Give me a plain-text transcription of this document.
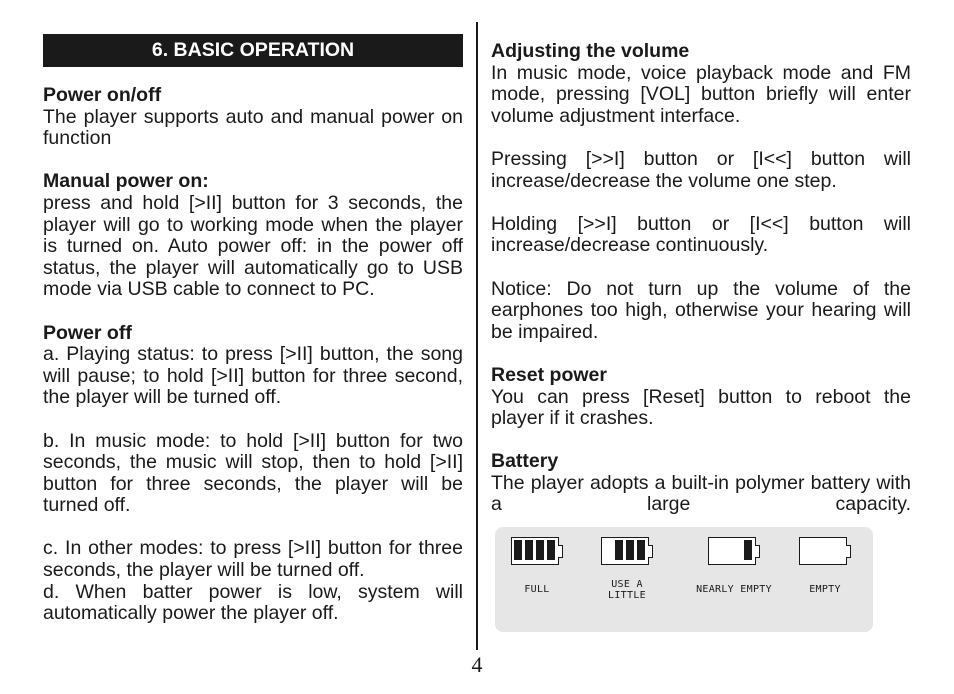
6. BASIC OPERATION

Power on/off

The player supports auto and manual power on function

Manual power on:

press and hold [>II] button for 3 seconds, the player will go to working mode when the player is turned on. Auto power off: in the power off status, the player will automatically go to USB mode via USB cable to connect to PC.

Power off

a. Playing status: to press [>II] button, the song will pause; to hold [>II] button for three second, the player will be turned off.

b. In music mode: to hold [>II] button for two seconds, the music will stop, then to hold [>II] button for three seconds, the player will be turned off.

c. In other modes: to press [>II] button for three seconds, the player will be turned off.

d. When batter power is low, system will automatically power the player off.

Adjusting the volume

In music mode, voice playback mode and FM mode, pressing [VOL] button briefly will enter volume adjustment interface.

Pressing [>>I] button or [I<<] button will increase/decrease the volume one step.

Holding [>>I] button or [I<<] button will increase/decrease continuously.

Notice: Do not turn up the volume of the earphones too high, otherwise your hearing will be impaired.

Reset power

You can press [Reset] button to reboot the player if it crashes.

Battery

The player adopts a built-in polymer battery with a large capacity.

FULL	USE A LITTLE
NEARLY EMPTY	EMPTY
4
